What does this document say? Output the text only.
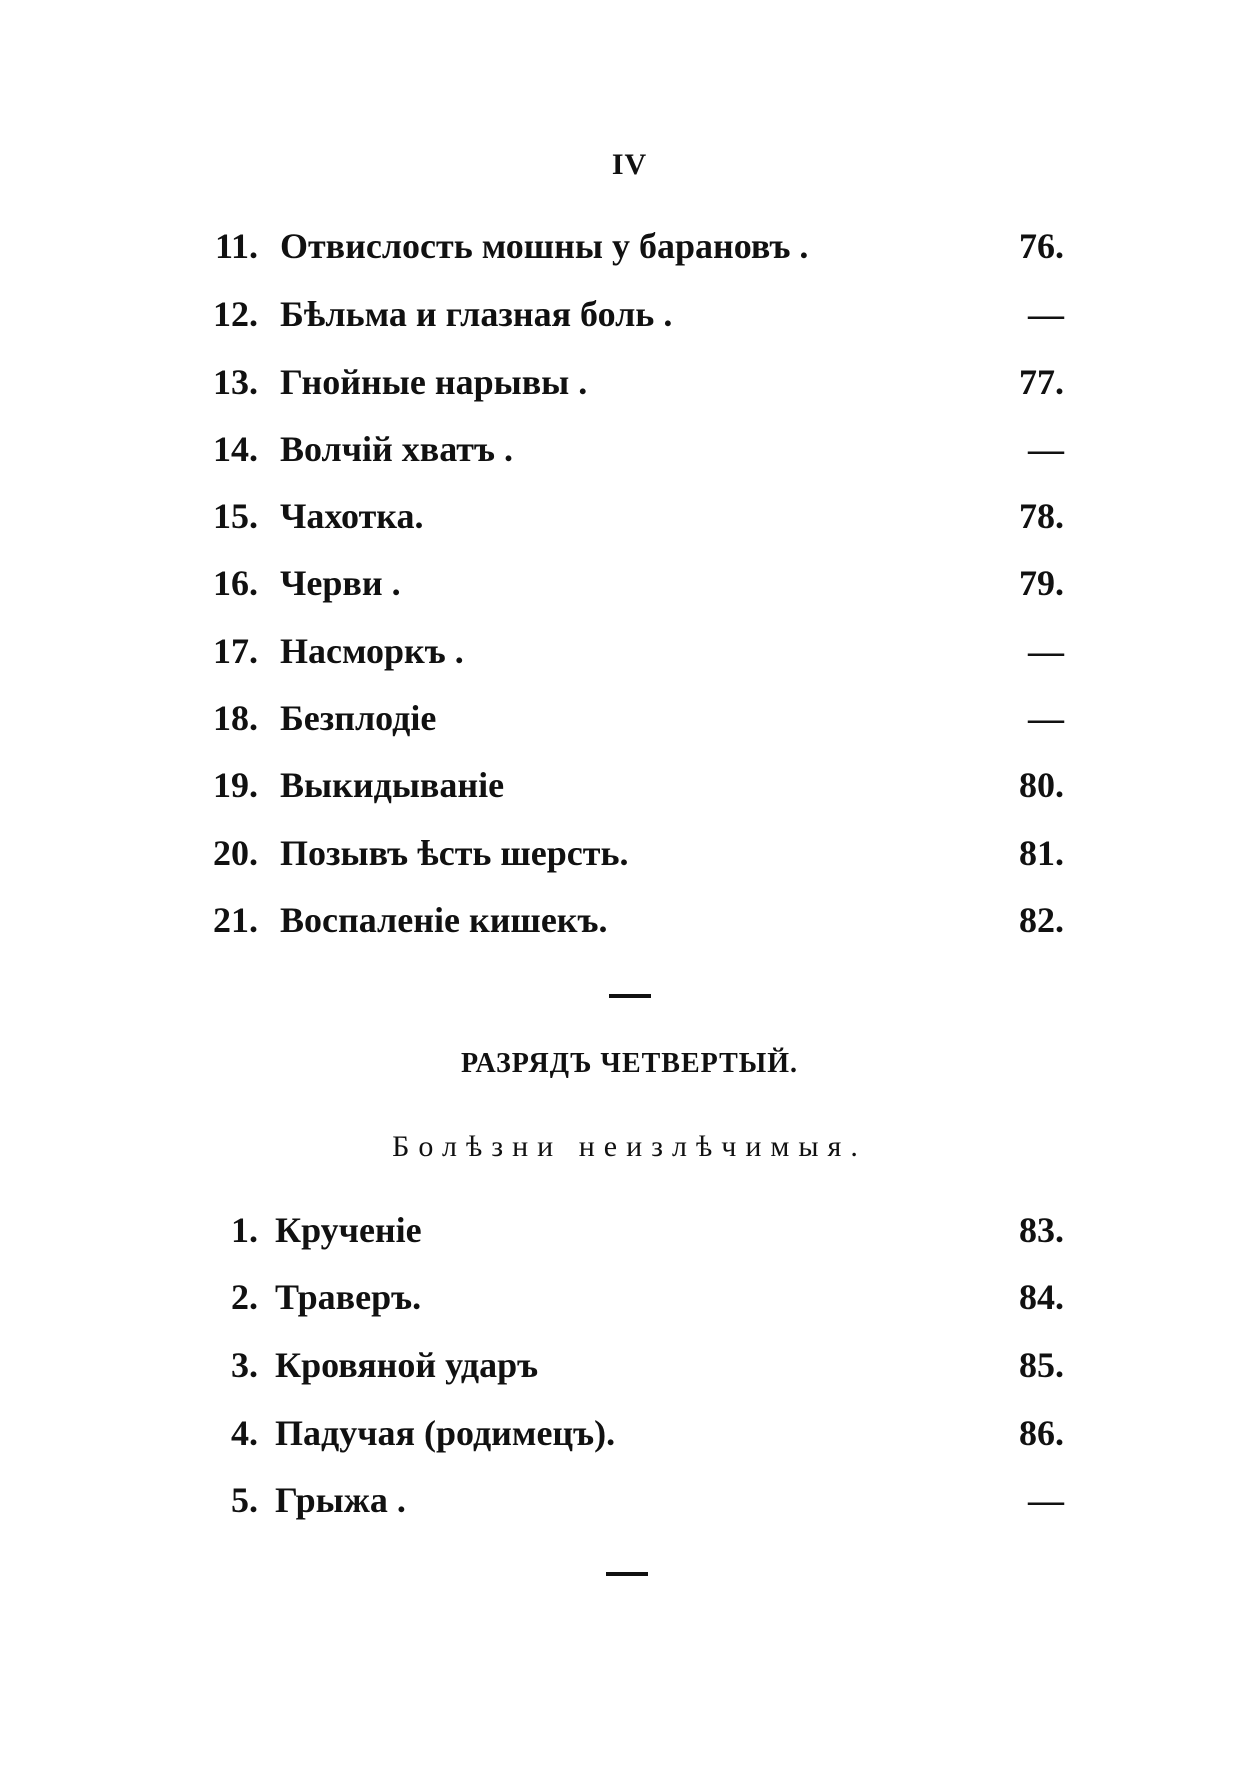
IV
11. Отвислость мошны у барановъ .	76.
12. Бѣльма и глазная боль .	—
13. Гнойные нарывы .	77.
14. Волчій хватъ .	—
15. Чахотка.	78.
16. Черви .	79.
17. Насморкъ .	—
18. Безплодіе	—
19. Выкидываніе	80.
20. Позывъ ѣсть шерсть.	81.
21. Воспаленіе кишекъ.	82.
РАЗРЯДЪ ЧЕТВЕРТЫЙ.
Болѣзни неизлѣчимыя.
1. Крученіе	83.
2. Траверъ.	84.
3. Кровяной ударъ	85.
4. Падучая (родимецъ).	86.
5. Грыжа .	—
